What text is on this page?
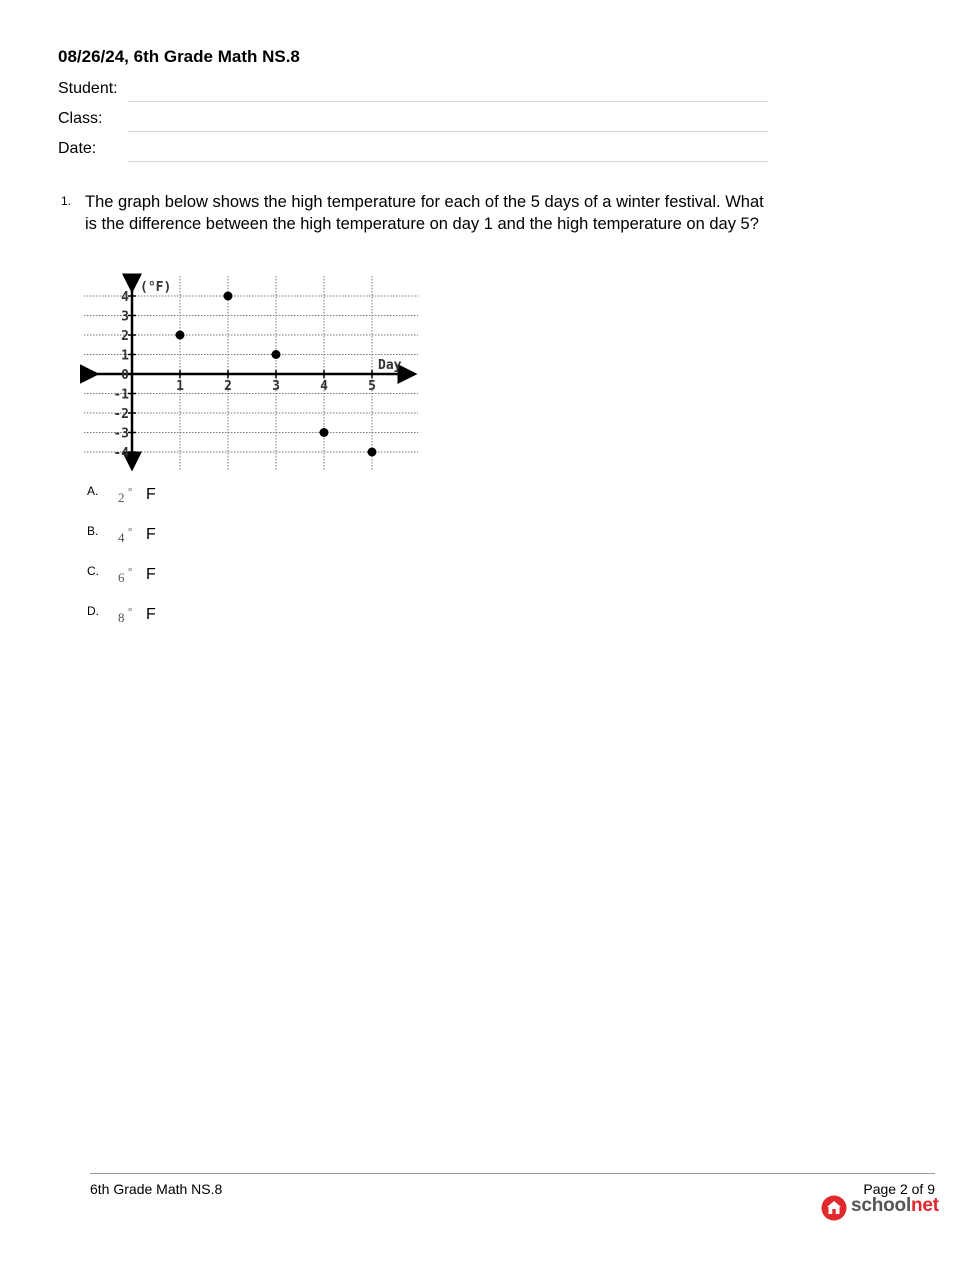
08/26/24, 6th Grade Math NS.8
Student:
Class:
Date:
1. The graph below shows the high temperature for each of the 5 days of a winter festival. What is the difference between the high temperature on day 1 and the high temperature on day 5?
1	2	3	4	5
4
3
2
1
0
-1
-2
-3
-4
(°F)
Day
A. 2 ° F
B. 4 ° F
C. 6 ° F
D. 8 ° F
6th Grade Math NS.8	Page 2 of 9
schoolnet
